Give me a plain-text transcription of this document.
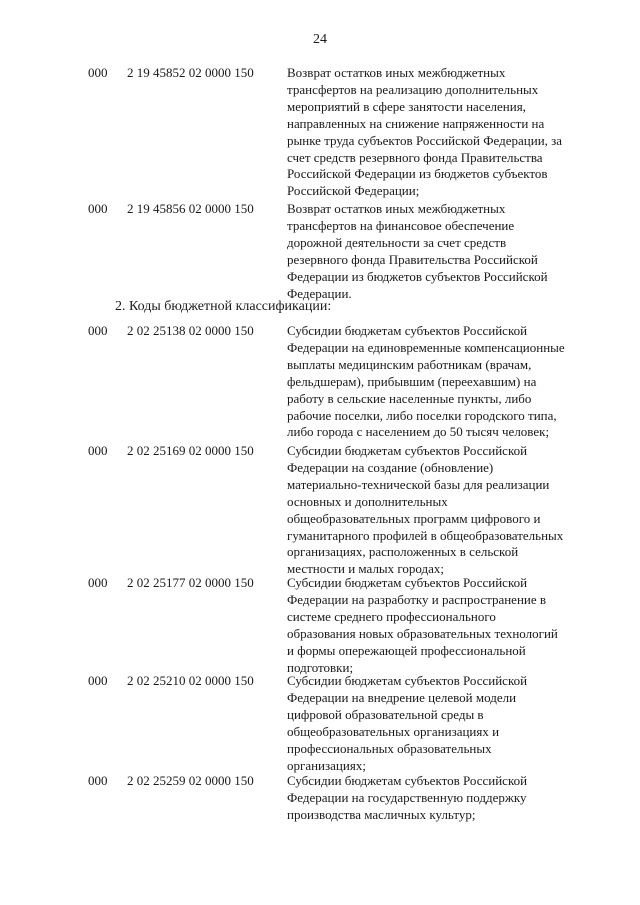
24
000 2 19 45852 02 0000 150	Возврат остатков иных межбюджетных
трансфертов на реализацию дополнительных
мероприятий в сфере занятости населения,
направленных на снижение напряженности на
рынке труда субъектов Российской Федерации, за
счет средств резервного фонда Правительства
Российской Федерации из бюджетов субъектов
Российской Федерации;
000 2 19 45856 02 0000 150	Возврат остатков иных межбюджетных
трансфертов на финансовое обеспечение
дорожной деятельности за счет средств
резервного фонда Правительства Российской
Федерации из бюджетов субъектов Российской
Федерации.
2. Коды бюджетной классификации:
000 2 02 25138 02 0000 150	Субсидии бюджетам субъектов Российской
Федерации на единовременные компенсационные
выплаты медицинским работникам (врачам,
фельдшерам), прибывшим (переехавшим) на
работу в сельские населенные пункты, либо
рабочие поселки, либо поселки городского типа,
либо города с населением до 50 тысяч человек;
000 2 02 25169 02 0000 150	Субсидии бюджетам субъектов Российской
Федерации на создание (обновление)
материально-технической базы для реализации
основных и дополнительных
общеобразовательных программ цифрового и
гуманитарного профилей в общеобразовательных
организациях, расположенных в сельской
местности и малых городах;
000 2 02 25177 02 0000 150	Субсидии бюджетам субъектов Российской
Федерации на разработку и распространение в
системе среднего профессионального
образования новых образовательных технологий
и формы опережающей профессиональной
подготовки;
000 2 02 25210 02 0000 150	Субсидии бюджетам субъектов Российской
Федерации на внедрение целевой модели
цифровой образовательной среды в
общеобразовательных организациях и
профессиональных образовательных
организациях;
000 2 02 25259 02 0000 150	Субсидии бюджетам субъектов Российской
Федерации на государственную поддержку
производства масличных культур;
